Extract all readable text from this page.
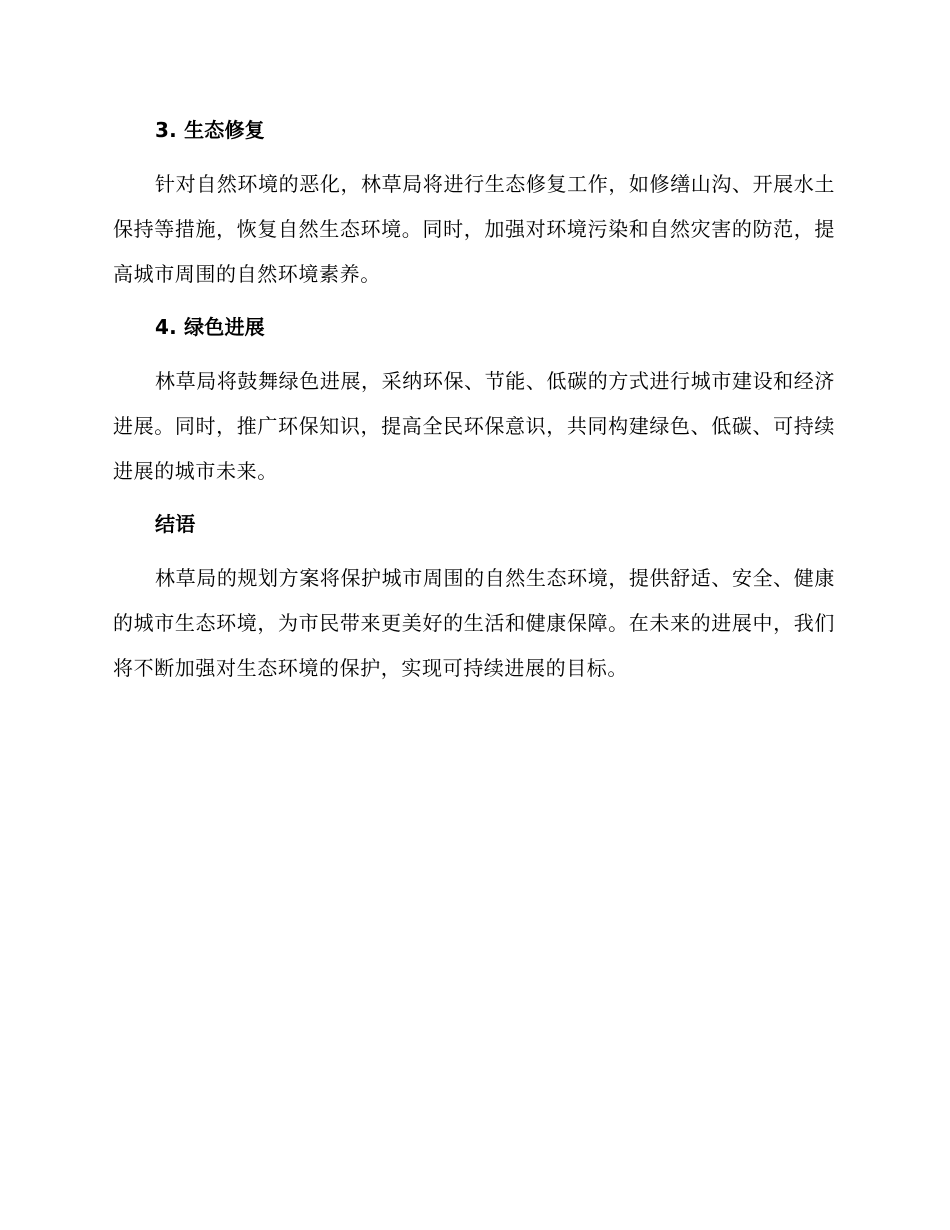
3. 生态修复

针对自然环境的恶化，林草局将进行生态修复工作，如修缮山沟、开展水土保持等措施，恢复自然生态环境。同时，加强对环境污染和自然灾害的防范，提高城市周围的自然环境素养。

4. 绿色进展

林草局将鼓舞绿色进展，采纳环保、节能、低碳的方式进行城市建设和经济进展。同时，推广环保知识，提高全民环保意识，共同构建绿色、低碳、可持续进展的城市未来。

结语

林草局的规划方案将保护城市周围的自然生态环境，提供舒适、安全、健康的城市生态环境，为市民带来更美好的生活和健康保障。在未来的进展中，我们将不断加强对生态环境的保护，实现可持续进展的目标。
